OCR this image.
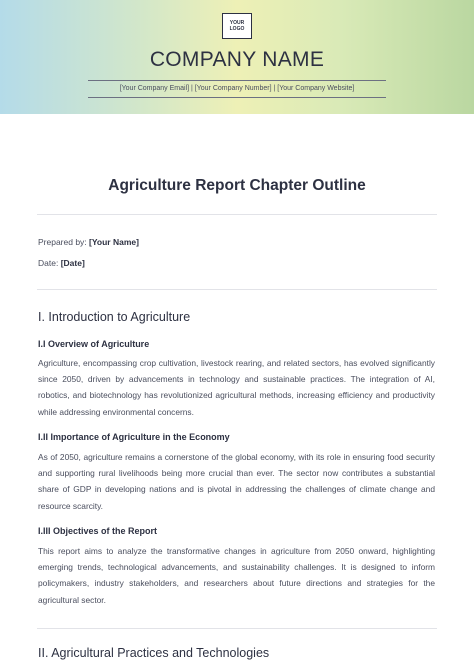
YOUR
LOGO
COMPANY NAME
[Your Company Email] | [Your Company Number] | [Your Company Website]
Agriculture Report Chapter Outline
Prepared by: [Your Name]
Date: [Date]
I. Introduction to Agriculture
I.I Overview of Agriculture
Agriculture, encompassing crop cultivation, livestock rearing, and related sectors, has evolved significantly since 2050, driven by advancements in technology and sustainable practices. The integration of AI, robotics, and biotechnology has revolutionized agricultural methods, increasing efficiency and productivity while addressing environmental concerns.
I.II Importance of Agriculture in the Economy
As of 2050, agriculture remains a cornerstone of the global economy, with its role in ensuring food security and supporting rural livelihoods being more crucial than ever. The sector now contributes a substantial share of GDP in developing nations and is pivotal in addressing the challenges of climate change and resource scarcity.
I.III Objectives of the Report
This report aims to analyze the transformative changes in agriculture from 2050 onward, highlighting emerging trends, technological advancements, and sustainability challenges. It is designed to inform policymakers, industry stakeholders, and researchers about future directions and strategies for the agricultural sector.
II. Agricultural Practices and Technologies
